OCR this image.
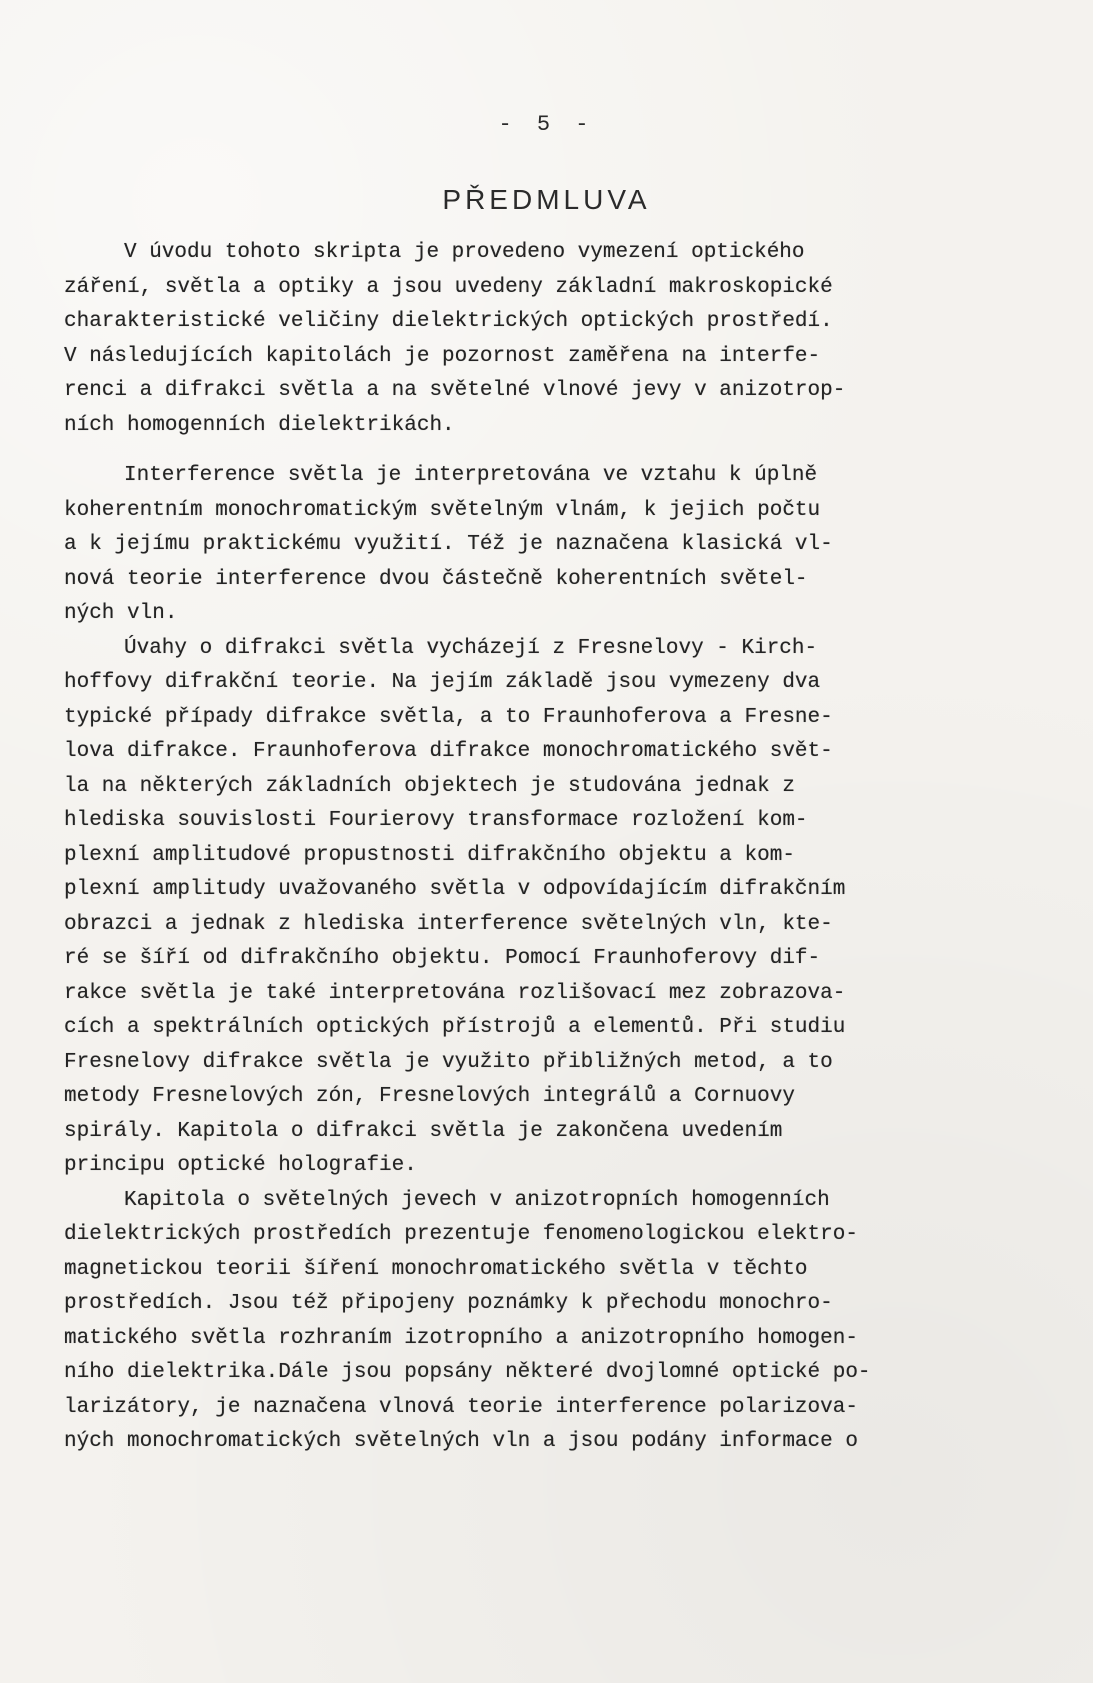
- 5 -
PŘEDMLUVA
V úvodu tohoto skripta je provedeno vymezení optického
záření, světla a optiky a jsou uvedeny základní makroskopické
charakteristické veličiny dielektrických optických prostředí.
V následujících kapitolách je pozornost zaměřena na interfe-
renci a difrakci světla a na světelné vlnové jevy v anizotrop-
ních homogenních dielektrikách.
Interference světla je interpretována ve vztahu k úplně
koherentním monochromatickým světelným vlnám, k jejich počtu
a k jejímu praktickému využití. Též je naznačena klasická vl-
nová teorie interference dvou částečně koherentních světel-
ných vln.
Úvahy o difrakci světla vycházejí z Fresnelovy - Kirch-
hoffovy difrakční teorie. Na jejím základě jsou vymezeny dva
typické případy difrakce světla, a to Fraunhoferova a Fresne-
lova difrakce. Fraunhoferova difrakce monochromatického svět-
la na některých základních objektech je studována jednak z
hlediska souvislosti Fourierovy transformace rozložení kom-
plexní amplitudové propustnosti difrakčního objektu a kom-
plexní amplitudy uvažovaného světla v odpovídajícím difrakčním
obrazci a jednak z hlediska interference světelných vln, kte-
ré se šíří od difrakčního objektu. Pomocí Fraunhoferovy dif-
rakce světla je také interpretována rozlišovací mez zobrazova-
cích a spektrálních optických přístrojů a elementů. Při studiu
Fresnelovy difrakce světla je využito přibližných metod, a to
metody Fresnelových zón, Fresnelových integrálů a Cornuovy
spirály. Kapitola o difrakci světla je zakončena uvedením
principu optické holografie.
Kapitola o světelných jevech v anizotropních homogenních
dielektrických prostředích prezentuje fenomenologickou elektro-
magnetickou teorii šíření monochromatického světla v těchto
prostředích. Jsou též připojeny poznámky k přechodu monochro-
matického světla rozhraním izotropního a anizotropního homogen-
ního dielektrika.Dále jsou popsány některé dvojlomné optické po-
larizátory, je naznačena vlnová teorie interference polarizova-
ných monochromatických světelných vln a jsou podány informace o
